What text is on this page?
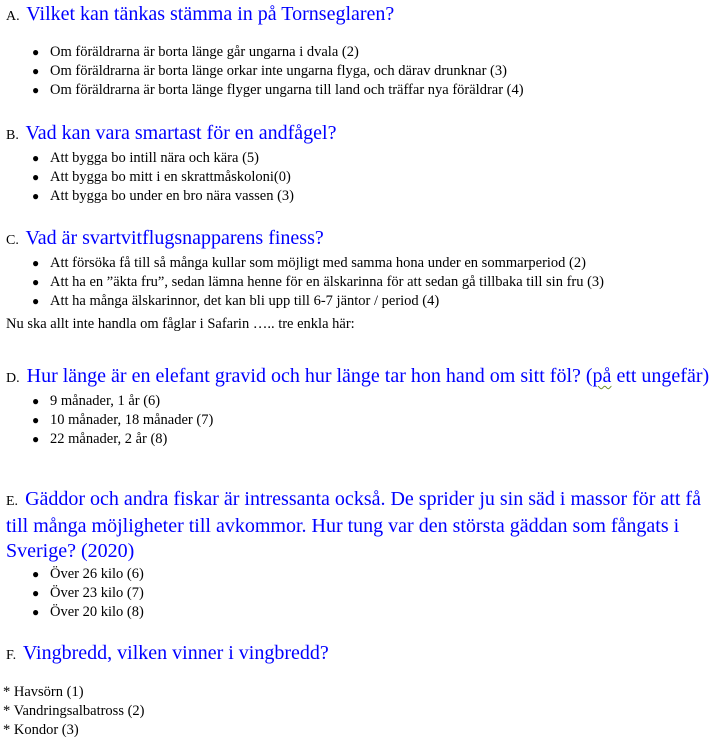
A. Vilket kan tänkas stämma in på Tornseglaren?
● Om föräldrarna är borta länge går ungarna i dvala (2)
● Om föräldrarna är borta länge orkar inte ungarna flyga, och därav drunknar (3)
● Om föräldrarna är borta länge flyger ungarna till land och träffar nya föräldrar (4)
B. Vad kan vara smartast för en andfågel?
● Att bygga bo intill nära och kära (5)
● Att bygga bo mitt i en skrattmåskoloni(0)
● Att bygga bo under en bro nära vassen (3)
C. Vad är svartvitflugsnapparens finess?
● Att försöka få till så många kullar som möjligt med samma hona under en sommarperiod (2)
● Att ha en ”äkta fru”, sedan lämna henne för en älskarinna för att sedan gå tillbaka till sin fru (3)
● Att ha många älskarinnor, det kan bli upp till 6-7 jäntor / period (4)

Nu ska allt inte handla om fåglar i Safarin ….. tre enkla här:

D. Hur länge är en elefant gravid och hur länge tar hon hand om sitt föl? (på ett ungefär)
● 9 månader, 1 år (6)
● 10 månader, 18 månader (7)
● 22 månader, 2 år (8)
E. Gäddor och andra fiskar är intressanta också. De sprider ju sin säd i massor för att få till många möjligheter till avkommor. Hur tung var den största gäddan som fångats i Sverige? (2020)
● Över 26 kilo (6)
● Över 23 kilo (7)
● Över 20 kilo (8)
F. Vingbredd, vilken vinner i vingbredd?
* Havsörn (1)
* Vandringsalbatross (2)
* Kondor (3)
